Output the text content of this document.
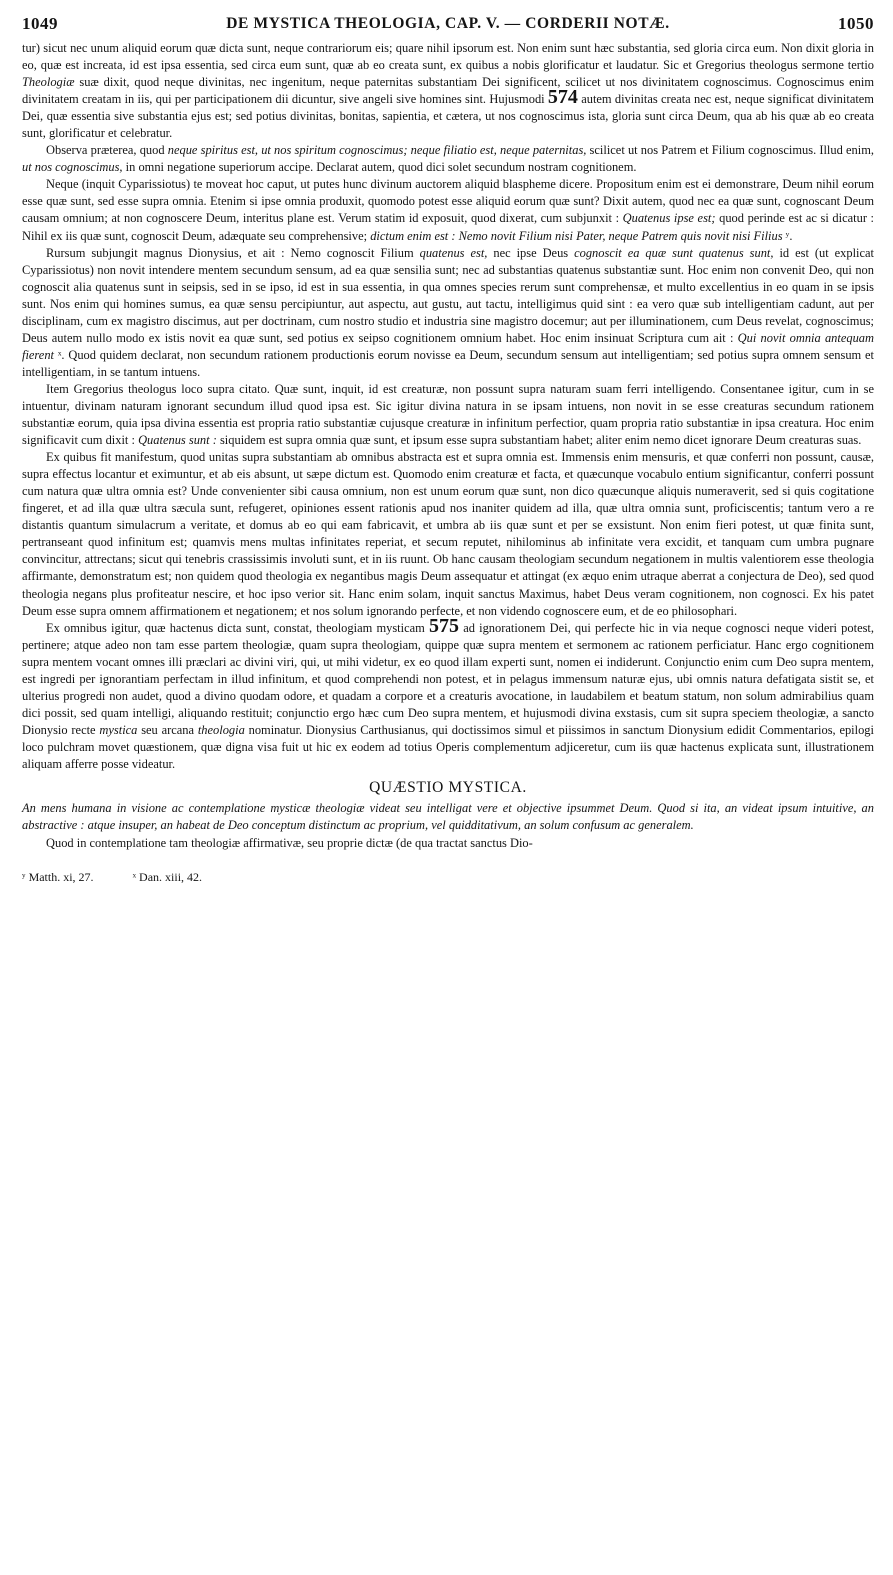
1049	DE MYSTICA THEOLOGIA, CAP. V. — CORDERII NOTÆ.	1050

tur) sicut nec unum aliquid eorum quæ dicta sunt, neque contrariorum eis; quare nihil ipsorum est. Non enim sunt hæc substantia, sed gloria circa eum. Non dixit gloria in eo, quæ est increata, id est ipsa essentia, sed circa eum sunt, quæ ab eo creata sunt, ex quibus a nobis glorificatur et laudatur. Sic et Gregorius theologus sermone tertio Theologiæ suæ dixit, quod neque divinitas, nec ingenitum, neque paternitas substantiam Dei significent, scilicet ut nos divinitatem cognoscimus. Cognoscimus enim divinitatem creatam in iis, qui per participationem dii dicuntur, sive angeli sive homines sint. Hujusmodi 574 autem divinitas creata nec est, neque significat divinitatem Dei, quæ essentia sive substantia ejus est; sed potius divinitas, bonitas, sapientia, et cætera, ut nos cognoscimus ista, gloria sunt circa Deum, qua ab his quæ ab eo creata sunt, glorificatur et celebratur.

Observa præterea, quod neque spiritus est, ut nos spiritum cognoscimus; neque filiatio est, neque paternitas, scilicet ut nos Patrem et Filium cognoscimus. Illud enim, ut nos cognoscimus, in omni negatione superiorum accipe. Declarat autem, quod dici solet secundum nostram cognitionem.

Neque (inquit Cyparissiotus) te moveat hoc caput, ut putes hunc divinum auctorem aliquid blaspheme dicere. Propositum enim est ei demonstrare, Deum nihil eorum esse quæ sunt, sed esse supra omnia. Etenim si ipse omnia produxit, quomodo potest esse aliquid eorum quæ sunt? Dixit autem, quod nec ea quæ sunt, cognoscant Deum causam omnium; at non cognoscere Deum, interitus plane est. Verum statim id exposuit, quod dixerat, cum subjunxit : Quatenus ipse est; quod perinde est ac si dicatur : Nihil ex iis quæ sunt, cognoscit Deum, adæquate seu comprehensive; dictum enim est : Nemo novit Filium nisi Pater, neque Patrem quis novit nisi Filius ʸ.

Rursum subjungit magnus Dionysius, et ait : Nemo cognoscit Filium quatenus est, nec ipse Deus cognoscit ea quæ sunt quatenus sunt, id est (ut explicat Cyparissiotus) non novit intendere mentem secundum sensum, ad ea quæ sensilia sunt; nec ad substantias quatenus substantiæ sunt. Hoc enim non convenit Deo, qui non cognoscit alia quatenus sunt in seipsis, sed in se ipso, id est in sua essentia, in qua omnes species rerum sunt comprehensæ, et multo excellentius in eo quam in se ipsis sunt. Nos enim qui homines sumus, ea quæ sensu percipiuntur, aut aspectu, aut gustu, aut tactu, intelligimus quid sint : ea vero quæ sub intelligentiam cadunt, aut per disciplinam, cum ex magistro discimus, aut per doctrinam, cum nostro studio et industria sine magistro docemur; aut per illuminationem, cum Deus revelat, cognoscimus; Deus autem nullo modo ex istis novit ea quæ sunt, sed potius ex seipso cognitionem omnium habet. Hoc enim insinuat Scriptura cum ait : Qui novit omnia antequam fierent ˣ. Quod quidem declarat, non secundum rationem productionis eorum novisse ea Deum, secundum sensum aut intelligentiam; sed potius supra omnem sensum et intelligentiam, in se tantum intuens.

Item Gregorius theologus loco supra citato. Quæ sunt, inquit, id est creaturæ, non possunt supra naturam suam ferri intelligendo. Consentanee igitur, cum in se intuentur, divinam naturam ignorant secundum illud quod ipsa est. Sic igitur divina natura in se ipsam intuens, non novit in se esse creaturas secundum rationem substantiæ eorum, quia ipsa divina essentia est propria ratio substantiæ cujusque creaturæ in infinitum perfectior, quam propria ratio substantiæ in ipsa creatura. Hoc enim significavit cum dixit : Quatenus sunt : siquidem est supra omnia quæ sunt, et ipsum esse supra substantiam habet; aliter enim nemo dicet ignorare Deum creaturas suas.

Ex quibus fit manifestum, quod unitas supra substantiam ab omnibus abstracta est et supra omnia est. Immensis enim mensuris, et quæ conferri non possunt, causæ, supra effectus locantur et eximuntur, et ab eis absunt, ut sæpe dictum est. Quomodo enim creaturæ et facta, et quæcunque vocabulo entium significantur, conferri possunt cum natura quæ ultra omnia est? Unde convenienter sibi causa omnium, non est unum eorum quæ sunt, non dico quæcunque aliquis numeraverit, sed si quis cogitatione fingeret, et ad illa quæ ultra sæcula sunt, refugeret, opiniones essent rationis apud nos inaniter quidem ad illa, quæ ultra omnia sunt, proficiscentis; tantum vero a re distantis quantum simulacrum a veritate, et domus ab eo qui eam fabricavit, et umbra ab iis quæ sunt et per se exsistunt. Non enim fieri potest, ut quæ finita sunt, pertranseant quod infinitum est; quamvis mens multas infinitates reperiat, et secum reputet, nihilominus ab infinitate vera excidit, et tanquam cum umbra pugnare convincitur, attrectans; sicut qui tenebris crassissimis involuti sunt, et in iis ruunt. Ob hanc causam theologiam secundum negationem in multis valentiorem esse theologia affirmante, demonstratum est; non quidem quod theologia ex negantibus magis Deum assequatur et attingat (ex æquo enim utraque aberrat a conjectura de Deo), sed quod theologia negans plus profiteatur nescire, et hoc ipso verior sit. Hanc enim solam, inquit sanctus Maximus, habet Deus veram cognitionem, non cognosci. Ex his patet Deum esse supra omnem affirmationem et negationem; et nos solum ignorando perfecte, et non videndo cognoscere eum, et de eo philosophari.

Ex omnibus igitur, quæ hactenus dicta sunt, constat, theologiam mysticam 575 ad ignorationem Dei, qui perfecte hic in via neque cognosci neque videri potest, pertinere; atque adeo non tam esse partem theologiæ, quam supra theologiam, quippe quæ supra mentem et sermonem ac rationem perficiatur. Hanc ergo cognitionem supra mentem vocant omnes illi præclari ac divini viri, qui, ut mihi videtur, ex eo quod illam experti sunt, nomen ei indiderunt. Conjunctio enim cum Deo supra mentem, est ingredi per ignorantiam perfectam in illud infinitum, et quod comprehendi non potest, et in pelagus immensum naturæ ejus, ubi omnis natura defatigata sistit se, et ulterius progredi non audet, quod a divino quodam odore, et quadam a corpore et a creaturis avocatione, in laudabilem et beatum statum, non solum admirabilius quam dici possit, sed quam intelligi, aliquando restituit; conjunctio ergo hæc cum Deo supra mentem, et hujusmodi divina exstasis, cum sit supra speciem theologiæ, a sancto Dionysio recte mystica seu arcana theologia nominatur. Dionysius Carthusianus, qui doctissimos simul et piissimos in sanctum Dionysium edidit Commentarios, epilogi loco pulchram movet quæstionem, quæ digna visa fuit ut hic ex eodem ad totius Operis complementum adjiceretur, cum iis quæ hactenus explicata sunt, illustrationem aliquam afferre posse videatur.

QUÆSTIO MYSTICA.

An mens humana in visione ac contemplatione mysticæ theologiæ videat seu intelligat vere et objective ipsummet Deum. Quod si ita, an videat ipsum intuitive, an abstractive : atque insuper, an habeat de Deo conceptum distinctum ac proprium, vel quidditativum, an solum confusum ac generalem.

Quod in contemplatione tam theologiæ affirmativæ, seu proprie dictæ (de qua tractat sanctus Dio-

ʸ Matth. xi, 27.	ˣ Dan. xiii, 42.
